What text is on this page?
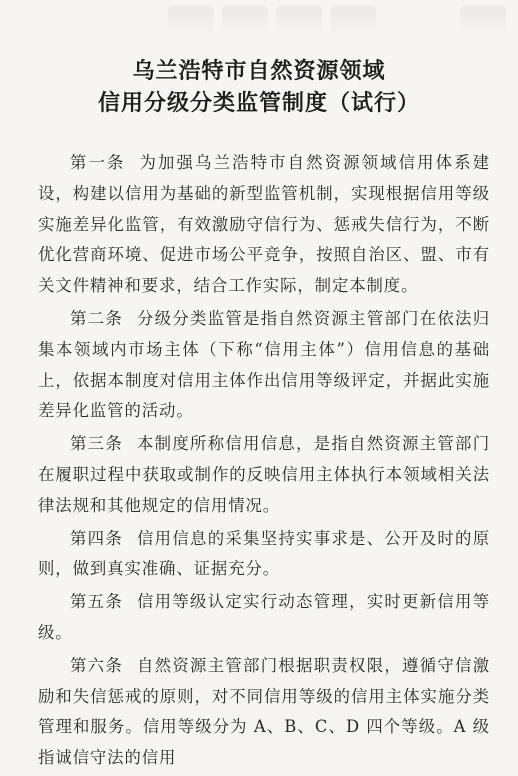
乌兰浩特市自然资源领域
信用分级分类监管制度（试行）

第一条 为加强乌兰浩特市自然资源领域信用体系建设，构建以信用为基础的新型监管机制，实现根据信用等级实施差异化监管，有效激励守信行为、惩戒失信行为，不断优化营商环境、促进市场公平竞争，按照自治区、盟、市有关文件精神和要求，结合工作实际，制定本制度。

第二条 分级分类监管是指自然资源主管部门在依法归集本领域内市场主体（下称“信用主体”）信用信息的基础上，依据本制度对信用主体作出信用等级评定，并据此实施差异化监管的活动。

第三条 本制度所称信用信息，是指自然资源主管部门在履职过程中获取或制作的反映信用主体执行本领域相关法律法规和其他规定的信用情况。

第四条 信用信息的采集坚持实事求是、公开及时的原则，做到真实准确、证据充分。

第五条 信用等级认定实行动态管理，实时更新信用等级。

第六条 自然资源主管部门根据职责权限，遵循守信激励和失信惩戒的原则，对不同信用等级的信用主体实施分类管理和服务。信用等级分为 A、B、C、D 四个等级。A 级指诚信守法的信用
